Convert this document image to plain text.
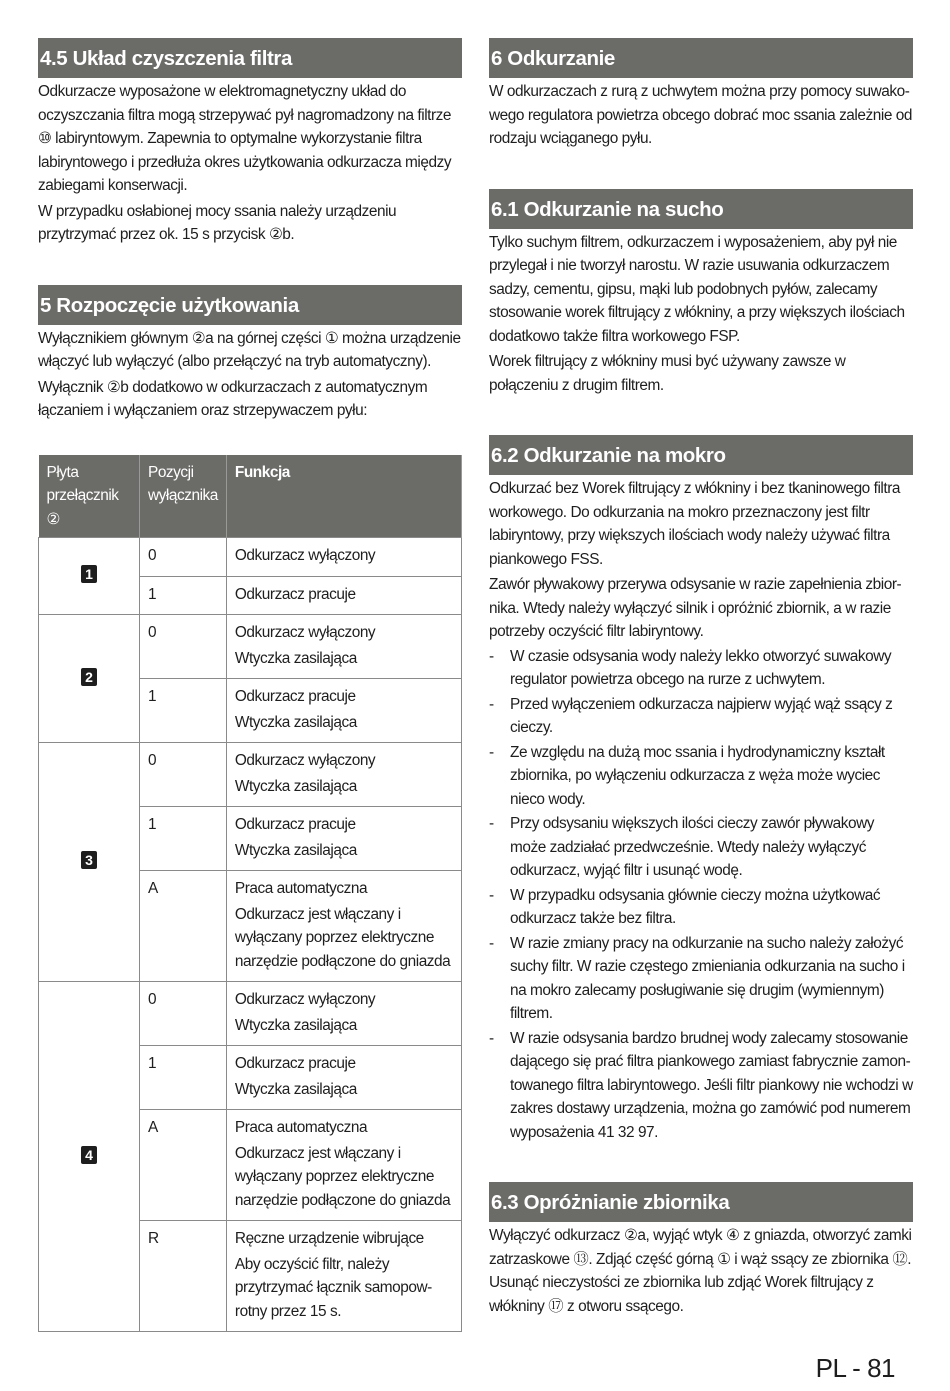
4.5 Układ czyszczenia filtra

Odkurzacze wyposażone w elektromagnetyczny układ do oczyszczania filtra mogą strzepywać pył nagromadzony na filtrze ⑩ labiryntowym. Zapewnia to optymalne wykorzystanie filtra labiryntowego i przedłuża okres użytkowania odkurzacza między zabiegami konserwacji.

W przypadku osłabionej mocy ssania należy urządzeniu przytrzymać przez ok. 15 s przycisk ②b.

5 Rozpoczęcie użytkowania

Wyłącznikiem głównym ②a na górnej części ① można urządzenie włączyć lub wyłączyć (albo przełączyć na tryb automatyczny).

Wyłącznik ②b dodatkowo w odkurzaczach z automatycznym łączaniem i wyłączaniem oraz strzepywaczem pyłu:

Płyta przełącznik ②	Pozycji wyłącznika	Funkcja
1	0	Odkurzacz wyłączony

	1	Odkurzacz pracuje

2	0	Odkurzacz wyłączony
Wtyczka zasilająca

	1	Odkurzacz pracuje
Wtyczka zasilająca

3	0	Odkurzacz wyłączony
Wtyczka zasilająca

	1	Odkurzacz pracuje
Wtyczka zasilająca

	A	Praca automatyczna
Odkurzacz jest włączany i wyłączany poprzez elektryczne narzędzie podłączone do gniazda

4	0	Odkurzacz wyłączony
Wtyczka zasilająca

	1	Odkurzacz pracuje
Wtyczka zasilająca

	A	Praca automatyczna
Odkurzacz jest włączany i wyłączany poprzez elektryczne narzędzie podłączone do gniazda

	R	Ręczne urządzenie wibrujące
Aby oczyścić filtr, należy przytrzymać łącznik samopow-rotny przez 15 s.
6 Odkurzanie

W odkurzaczach z rurą z uchwytem można przy pomocy suwako-wego regulatora powietrza obcego dobrać moc ssania zależnie od rodzaju wciąganego pyłu.

6.1 Odkurzanie na sucho

Tylko suchym filtrem, odkurzaczem i wyposażeniem, aby pył nie przylegał i nie tworzył narostu. W razie usuwania odkurzaczem sadzy, cementu, gipsu, mąki lub podobnych pyłów, zalecamy stosowanie worek filtrujący z włókniny, a przy większych ilościach dodatkowo także filtra workowego FSP.

Worek filtrujący z włókniny musi być używany zawsze w połączeniu z drugim filtrem.

6.2 Odkurzanie na mokro

Odkurzać bez Worek filtrujący z włókniny i bez tkaninowego filtra workowego. Do odkurzania na mokro przeznaczony jest filtr labiryntowy, przy większych ilościach wody należy używać filtra piankowego FSS.

Zawór pływakowy przerywa odsysanie w razie zapełnienia zbior-nika. Wtedy należy wyłączyć silnik i opróżnić zbiornik, a w razie potrzeby oczyścić filtr labiryntowy.

- W czasie odsysania wody należy lekko otworzyć suwakowy regulator powietrza obcego na rurze z uchwytem.
- Przed wyłączeniem odkurzacza najpierw wyjąć wąż ssący z cieczy.
- Ze względu na dużą moc ssania i hydrodynamiczny kształt zbiornika, po wyłączeniu odkurzacza z węża może wyciec nieco wody.
- Przy odsysaniu większych ilości cieczy zawór pływakowy może zadziałać przedwcześnie. Wtedy należy wyłączyć odkurzacz, wyjąć filtr i usunąć wodę.
- W przypadku odsysania głównie cieczy można użytkować odkurzacz także bez filtra.
- W razie zmiany pracy na odkurzanie na sucho należy założyć suchy filtr. W razie częstego zmieniania odkurzania na sucho i na mokro zalecamy posługiwanie się drugim (wymiennym) filtrem.
- W razie odsysania bardzo brudnej wody zalecamy stosowanie dającego się prać filtra piankowego zamiast fabrycznie zamon-towanego filtra labiryntowego. Jeśli filtr piankowy nie wchodzi w zakres dostawy urządzenia, można go zamówić pod numerem wyposażenia 41 32 97.
6.3 Opróżnianie zbiornika

Wyłączyć odkurzacz ②a, wyjąć wtyk ④ z gniazda, otworzyć zamki zatrzaskowe ⑬. Zdjąć część górną ① i wąż ssący ze zbiornika ⑫. Usunąć nieczystości ze zbiornika lub zdjąć Worek filtrujący z włókniny ⑰ z otworu ssącego.

PL - 81
